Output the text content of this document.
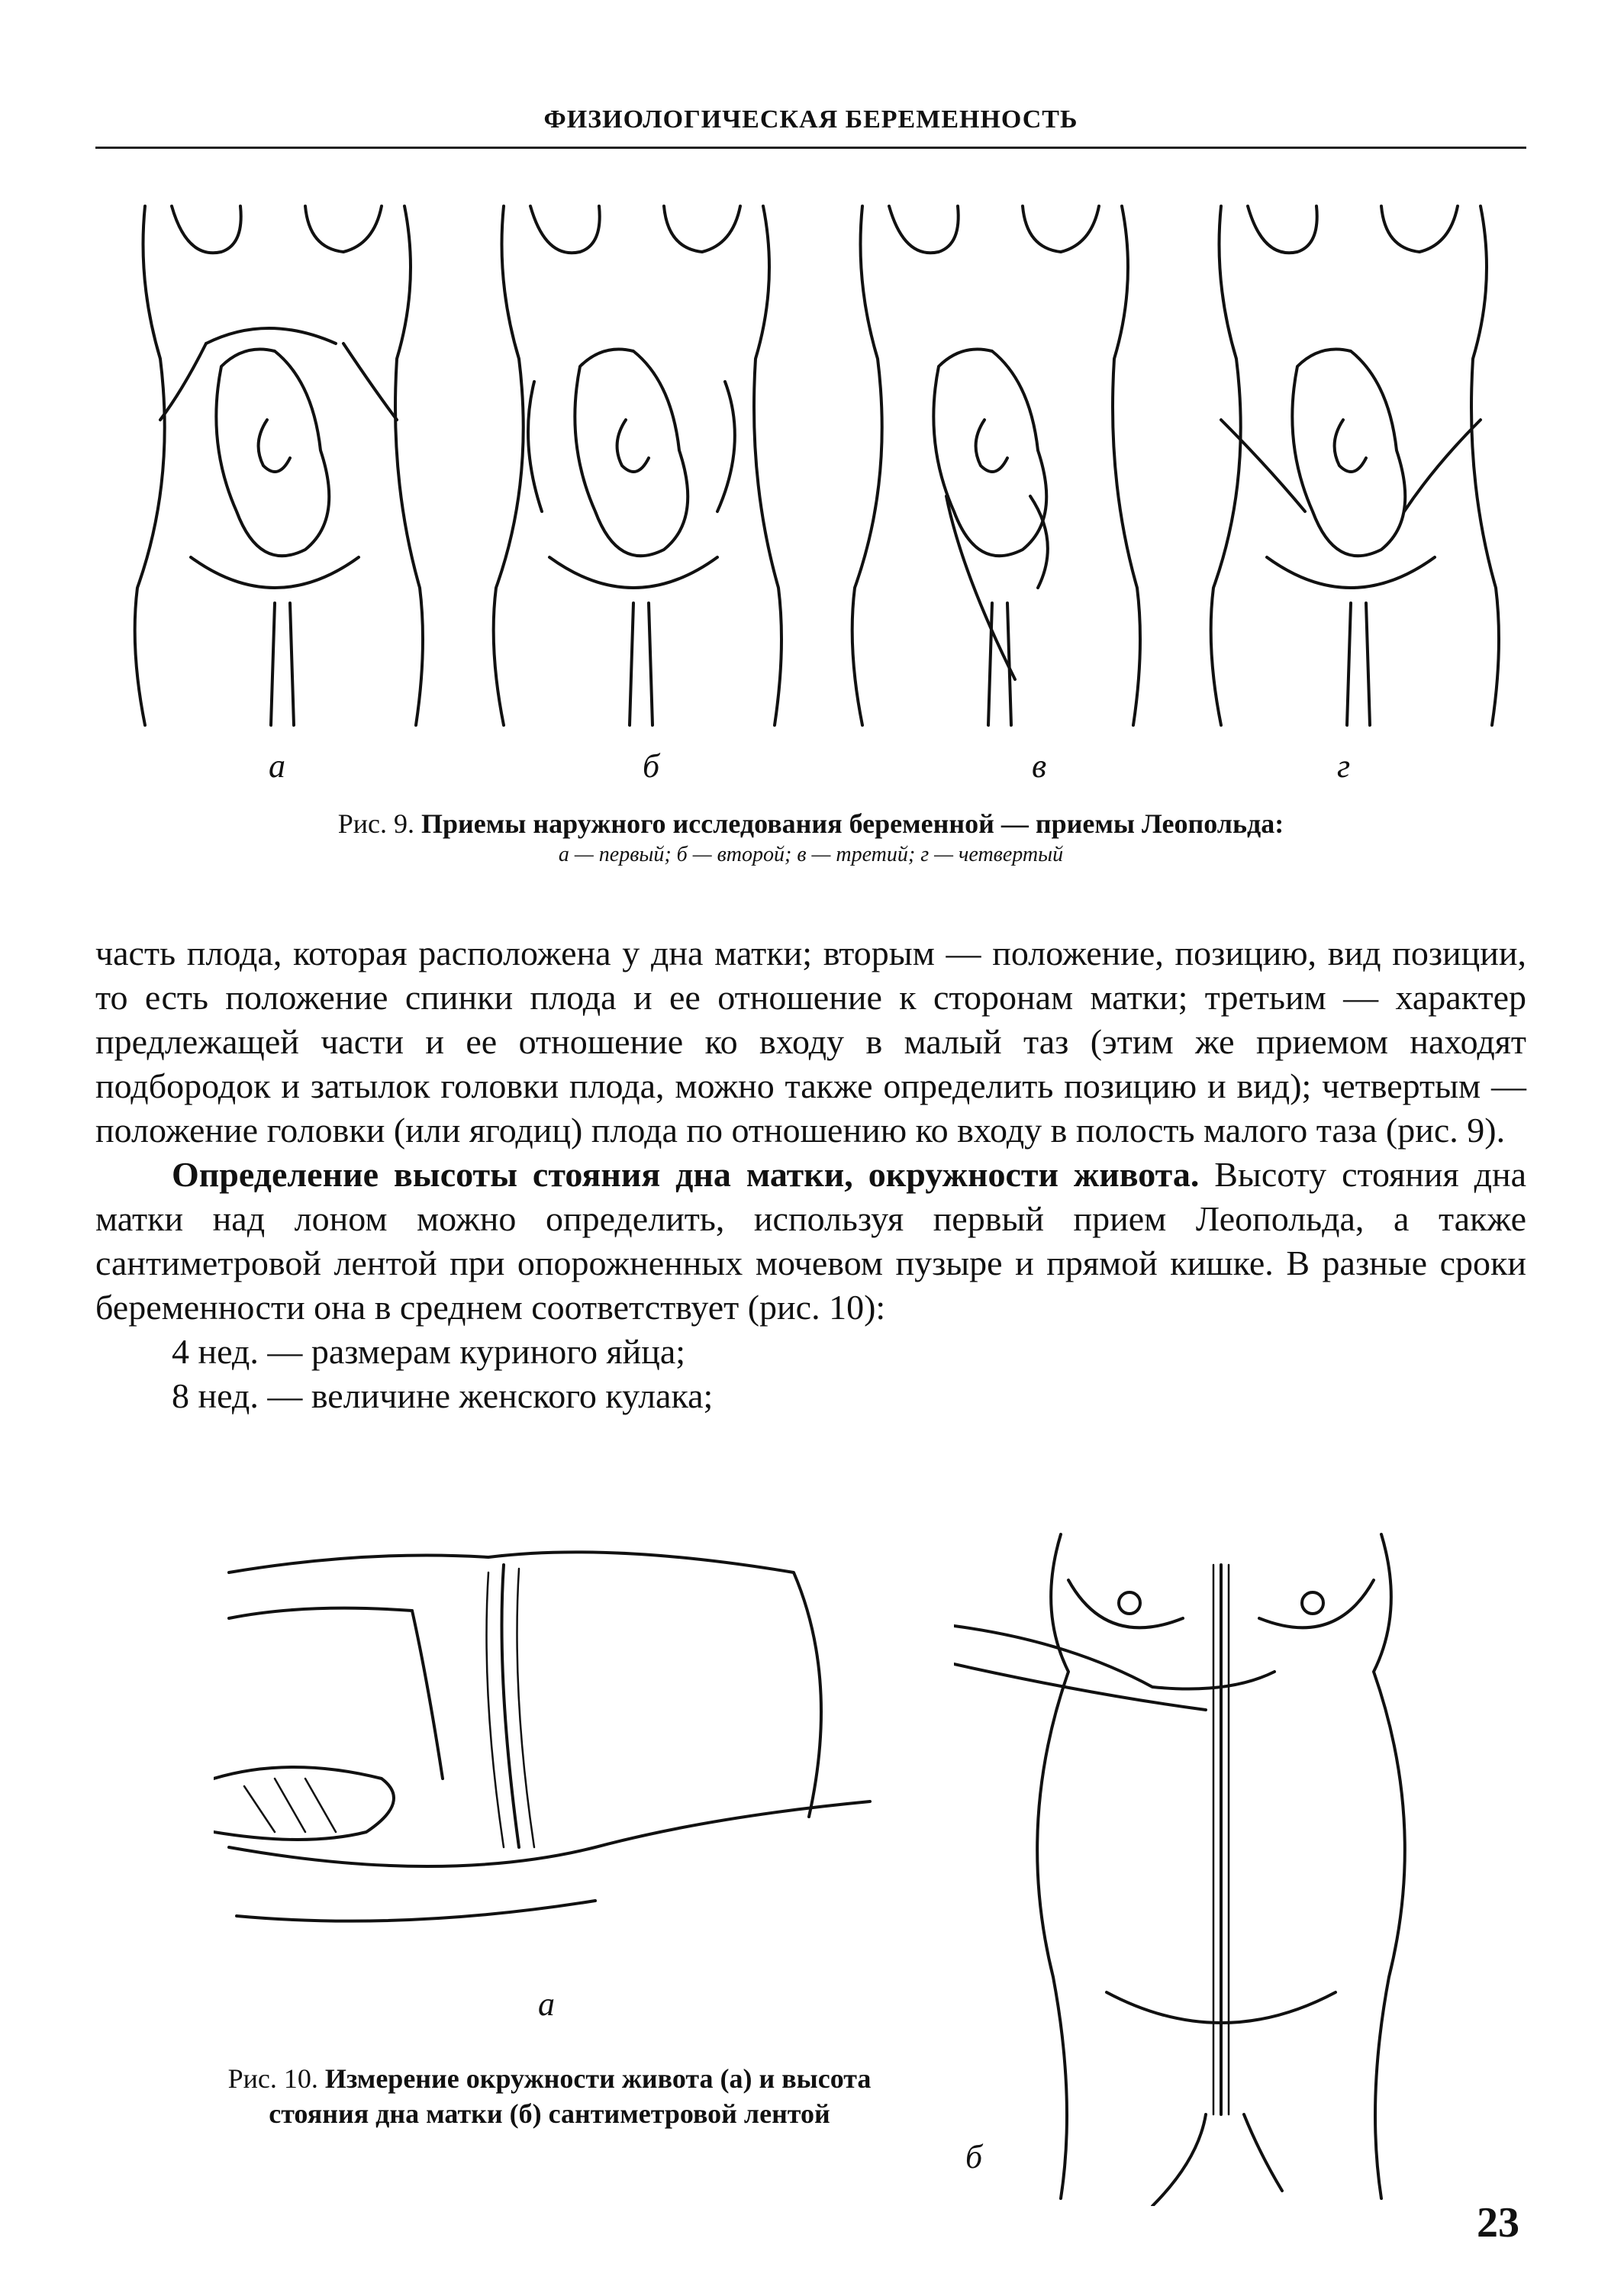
ФИЗИОЛОГИЧЕСКАЯ БЕРЕМЕННОСТЬ
а	б	в	г
Рис. 9. Приемы наружного исследования беременной — приемы Леопольда:
а — первый; б — второй; в — третий; г — четвертый

часть плода, которая расположена у дна матки; вторым — положение, позицию, вид позиции, то есть положение спинки плода и ее отношение к сторонам матки; третьим — характер предлежащей части и ее отношение ко входу в малый таз (этим же приемом находят подбородок и затылок головки плода, можно также определить позицию и вид); четвертым — положение головки (или ягодиц) плода по отношению ко входу в полость малого таза (рис. 9).

Определение высоты стояния дна матки, окружности живота. Высоту стояния дна матки над лоном можно определить, используя первый прием Леопольда, а также сантиметровой лентой при опорожненных мочевом пузыре и прямой кишке. В разные сроки беременности она в среднем соответствует (рис. 10):

4 нед. — размерам куриного яйца;

8 нед. — величине женского кулака;

а
б
Рис. 10. Измерение окружности живота (а) и высота стояния дна матки (б) сантиметровой лентой
23
